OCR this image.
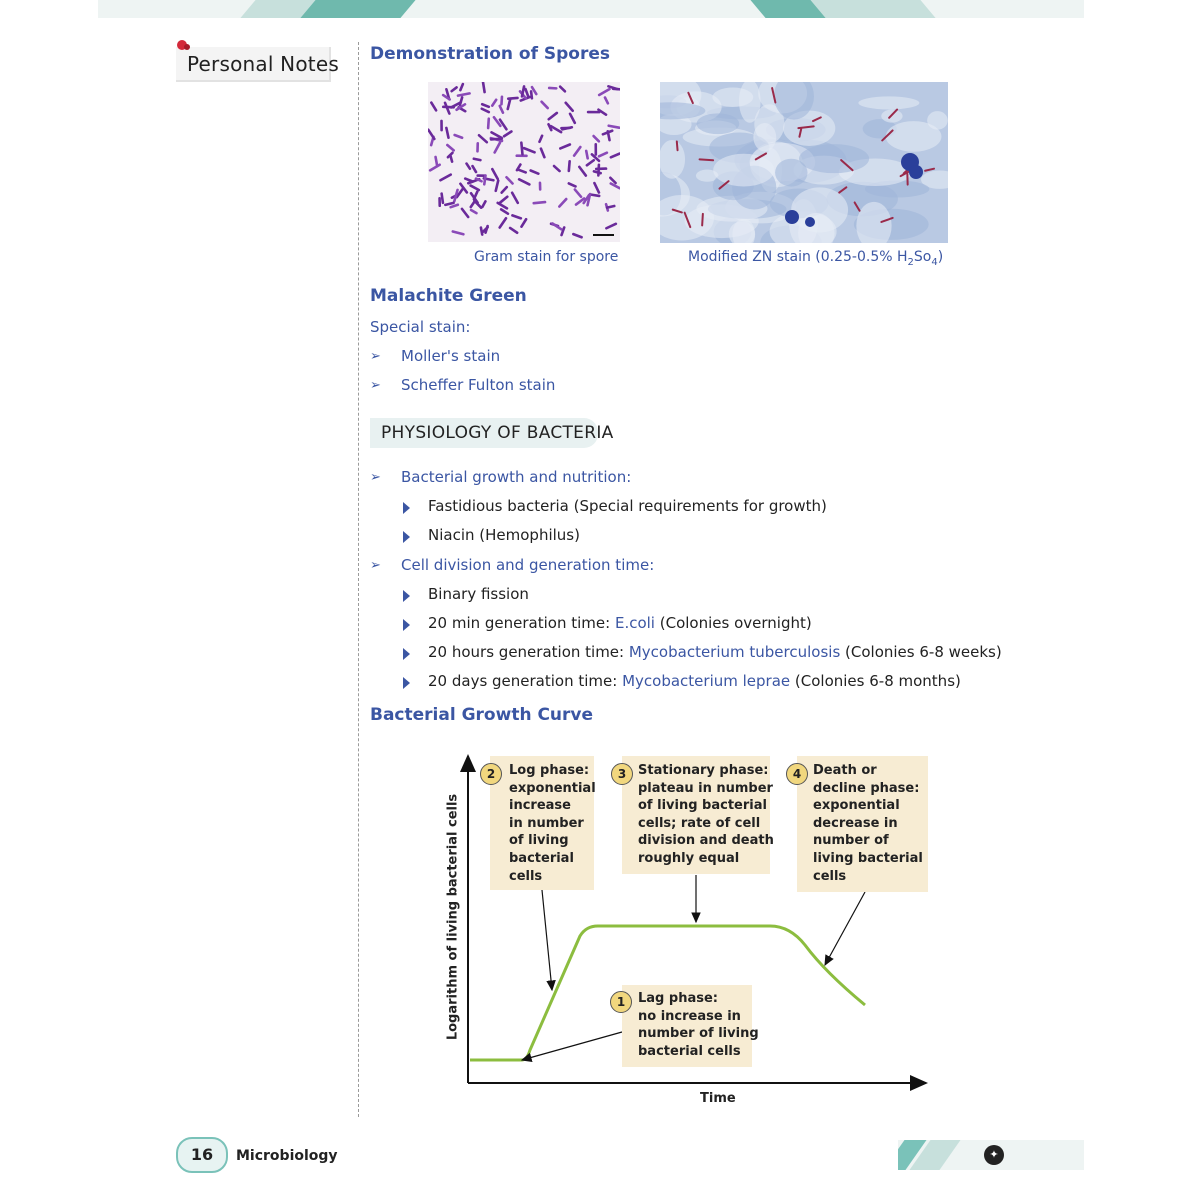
Personal Notes Demonstration of Spores
Gram stain for spore	Modified ZN stain (0.25-0.5% $H_2So_4$)
Malachite Green
Special stain:
➢ Moller's stain
➢ Scheffer Fulton stain
PHYSIOLOGY OF BACTERIA
➢ Bacterial growth and nutrition:
Fastidious bacteria (Special requirements for growth)
Niacin (Hemophilus)
➢ Cell division and generation time:
Binary fission
20 min generation time: E.coli (Colonies overnight)
20 hours generation time: Mycobacterium tuberculosis (Colonies 6-8 weeks)
20 days generation time: Mycobacterium leprae (Colonies 6-8 months)
Bacterial Growth Curve
Time
Logarithm of living bacterial cells
2	Log phase:
exponential
increase
in number
of living
bacterial
cells
3 Stationary phase:
plateau in number
of living bacterial
cells; rate of cell
division and death
roughly equal
4 Death or
decline phase:
exponential
decrease in
number of
living bacterial
cells
1 Lag phase:
no increase in
number of living
bacterial cells
16	Microbiology	✦
